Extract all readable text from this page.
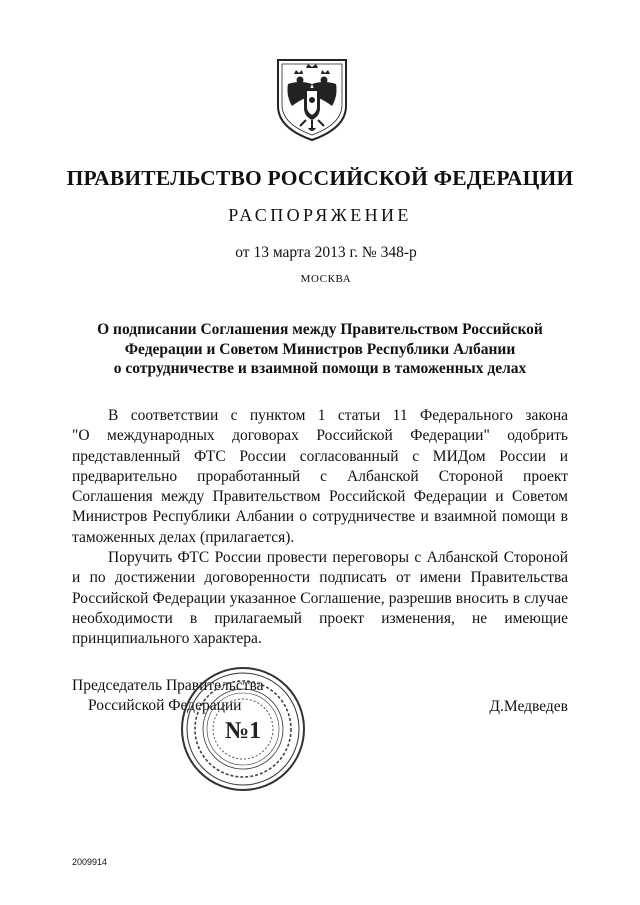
ПРАВИТЕЛЬСТВО РОССИЙСКОЙ ФЕДЕРАЦИИ
РАСПОРЯЖЕНИЕ
от 13 марта 2013 г. № 348-р
МОСКВА
О подписании Соглашения между Правительством Российской
Федерации и Советом Министров Республики Албании
о сотрудничестве и взаимной помощи в таможенных делах

В соответствии с пунктом 1 статьи 11 Федерального закона
"О международных договорах Российской Федерации" одобрить
представленный ФТС России согласованный с МИДом России и
предварительно проработанный с Албанской Стороной проект
Соглашения между Правительством Российской Федерации и Советом
Министров Республики Албании о сотрудничестве и взаимной помощи в
таможенных делах (прилагается).

Поручить ФТС России провести переговоры с Албанской Стороной
и по достижении договоренности подписать от имени Правительства
Российской Федерации указанное Соглашение, разрешив вносить в случае
необходимости в прилагаемый проект изменения, не имеющие
принципиального характера.

Председатель Правительства
Российской Федерации
№1
Д.Медведев
2009914
